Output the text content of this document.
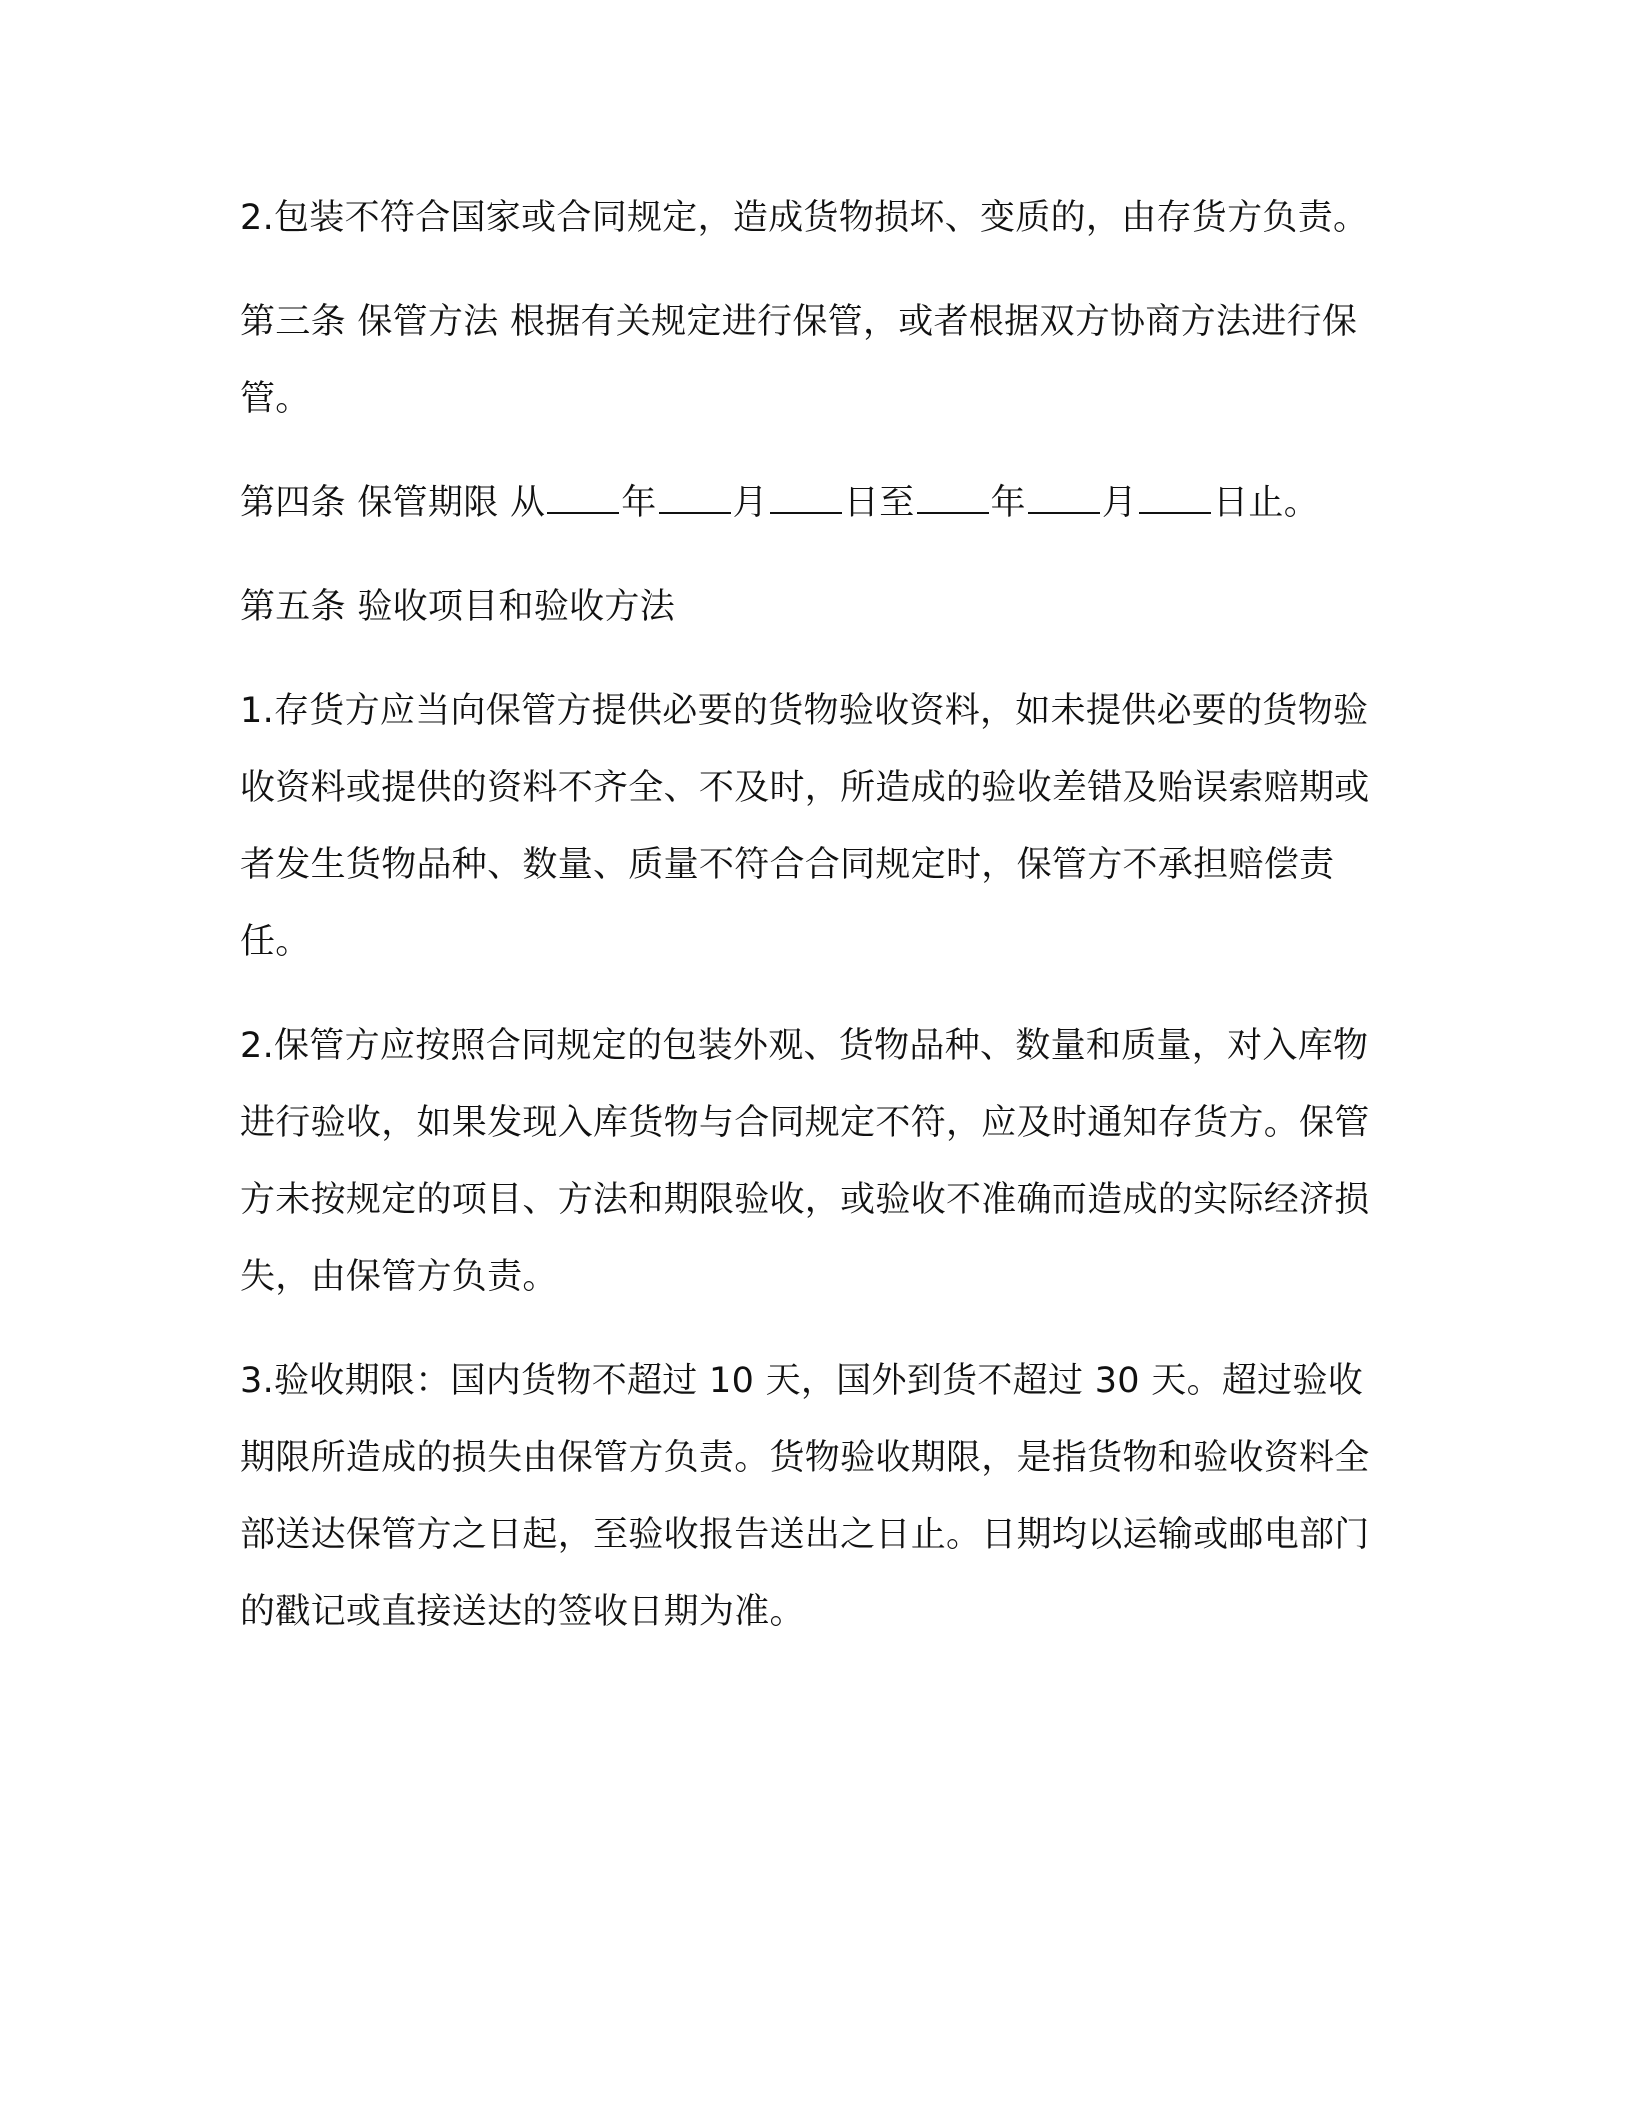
2.包装不符合国家或合同规定，造成货物损坏、变质的，由存货方负责。

第三条 保管方法 根据有关规定进行保管，或者根据双方协商方法进行保管。

第四条 保管期限 从 年 月 日至 年 月 日止。

第五条 验收项目和验收方法

1.存货方应当向保管方提供必要的货物验收资料，如未提供必要的货物验收资料或提供的资料不齐全、不及时，所造成的验收差错及贻误索赔期或者发生货物品种、数量、质量不符合合同规定时，保管方不承担赔偿责任。

2.保管方应按照合同规定的包装外观、货物品种、数量和质量，对入库物进行验收，如果发现入库货物与合同规定不符，应及时通知存货方。保管方未按规定的项目、方法和期限验收，或验收不准确而造成的实际经济损失，由保管方负责。

3.验收期限：国内货物不超过 10 天，国外到货不超过 30 天。超过验收期限所造成的损失由保管方负责。货物验收期限，是指货物和验收资料全部送达保管方之日起，至验收报告送出之日止。日期均以运输或邮电部门的戳记或直接送达的签收日期为准。
